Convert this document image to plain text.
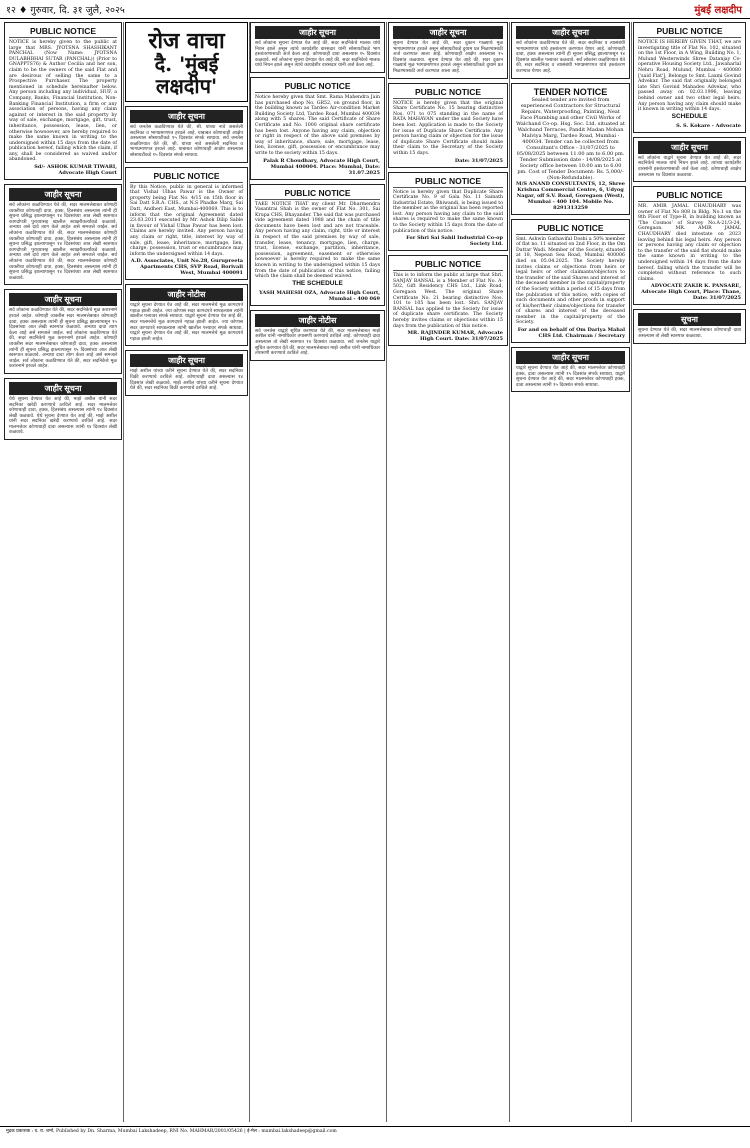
१२ ♦ गुरुवार, दि. ३१ जुलै, २०२५	मुंबई लक्षदीप
PUBLIC NOTICE
NOTICE is hereby given to the public at large that MRS. JYOTSNA SHASHIKANT PANCHAL (Now Name: JYOTSNA DULABHBHAI SUTAR (PANCHAL)) (Prior to GNAPPTS76) & Author Cecilia and her son, claim to be the owners of the said Flat and are desirous of selling the same to a Prospective Purchaser. The property mentioned in schedule hereinafter below. Any person including any individual, HUF, a Company, Banks, Financial Institution, Non-Banking Financial Institution, a firm or any association of persons, having any claim against or interest in the said property by way of sale, exchange, mortgage, gift, trust, inheritance, possession, lease, lien, or otherwise howsoever, are hereby required to make the same known in writing to the undersigned within 15 days from the date of publication hereof, failing which the claim, if any, shall be considered as waived and/or abandoned.
Sd/- ASHOK KUMAR TIWARI, Advocate High Court
जाहीर सूचना
सर्व लोकांना कळविण्यात येते की, सदर मालमत्तेबाबत कोणाही व्यक्तीचा कोणताही दावा, हक्क, हितसंबंध असल्यास त्यांनी ही सूचना प्रसिद्ध झाल्यापासून १४ दिवसांच्या आत लेखी स्वरुपात कागदोपत्री पुराव्यासह खालील स्वाक्षरीकर्त्यांकडे कळवावे. अन्यथा असे दावे त्याग केले आहेत असे समजले जाईल. सर्व लोकांना कळविण्यात येते की, सदर मालमत्तेबाबत कोणाही व्यक्तीचा कोणताही दावा, हक्क, हितसंबंध असल्यास त्यांनी ही सूचना प्रसिद्ध झाल्यापासून १४ दिवसांच्या आत लेखी स्वरुपात कागदोपत्री पुराव्यासह खालील स्वाक्षरीकर्त्यांकडे कळवावे. अन्यथा असे दावे त्याग केले आहेत असे समजले जाईल. सर्व लोकांना कळविण्यात येते की, सदर मालमत्तेबाबत कोणाही व्यक्तीचा कोणताही दावा, हक्क, हितसंबंध असल्यास त्यांनी ही सूचना प्रसिद्ध झाल्यापासून १४ दिवसांच्या आत लेखी स्वरुपात कळवावे.
जाहीर सूचना
सर्व लोकांना कळविण्यात येते की, सदर सदनिकेचे मूळ करारनामे हरवले आहेत. कोणाही व्यक्तीस सदर मालमत्तेबाबत कोणताही दावा, हक्क असल्यास त्यांनी ही सूचना प्रसिद्ध झाल्यापासून १५ दिवसांच्या आत लेखी स्वरुपात कळवावे. अन्यथा दावा त्याग केला आहे असे समजले जाईल. सर्व लोकांना कळविण्यात येते की, सदर सदनिकेचे मूळ करारनामे हरवले आहेत. कोणाही व्यक्तीस सदर मालमत्तेबाबत कोणताही दावा, हक्क असल्यास त्यांनी ही सूचना प्रसिद्ध झाल्यापासून १५ दिवसांच्या आत लेखी स्वरुपात कळवावे. अन्यथा दावा त्याग केला आहे असे समजले जाईल. सर्व लोकांना कळविण्यात येते की, सदर सदनिकेचे मूळ करारनामे हरवले आहेत.
जाहीर सूचना
येथे सूचना देण्यात येत आहे की, माझे अशील यांनी सदर सदनिका खरेदी करण्याचे ठरविले आहे. सदर मालमत्तेवर कोणाचाही दावा, हक्क, हितसंबंध असल्यास त्यांनी १४ दिवसांत लेखी कळवावे. येथे सूचना देण्यात येत आहे की, माझे अशील यांनी सदर सदनिका खरेदी करण्याचे ठरविले आहे. सदर मालमत्तेवर कोणाचाही दावा असल्यास त्यांनी १४ दिवसांत लेखी कळवावे.
रोज वाचा
दै. 'मुंबई
लक्षदीप'
जाहीर सूचना
सर्व जनतेस कळविण्यात येते की, श्री. यांच्या नावे असलेली सदनिका व भागप्रमाणपत्र हरवले आहे. याबाबत कोणाचाही आक्षेप असल्यास सोसायटीकडे १५ दिवसांत संपर्क साधावा. सर्व जनतेस कळविण्यात येते की, श्री. यांच्या नावे असलेली सदनिका व भागप्रमाणपत्र हरवले आहे. याबाबत कोणाचाही आक्षेप असल्यास सोसायटीकडे १५ दिवसांत संपर्क साधावा.
PUBLIC NOTICE
By this Notice, public in general is informed that Vishal Ulhas Pawar is the Owner of property being Flat No. 4/15 on 15th floor in Sai Datt S.R.A. CHS., at N.S Phadke Marg, Sai Datt, Andheri East, Mumbai-400069. This is to inform that the original Agreement dated 23.03.2011 executed by Mr. Ashok Dilip Sable in favour of Vishal Ulhas Pawar has been lost. Claims are hereby invited. Any person having any claim or right, title, interest by way of sale, gift, lease, inheritance, mortgage, lien, charge, possession, trust or encumbrance may inform the undersigned within 14 days.
A.D. Associates, Unit No.28, Gurupreeta Apartments CHS, SVP Road, Borivali West, Mumbai 400091
जाहीर नोटीस
याद्वारे सूचना देण्यात येत आहे की, सदर मालमत्तेचे मूळ कागदपत्रे गहाळ झाली आहेत. ज्या कोणास सदर कागदपत्रे सापडल्यास त्यांनी खालील पत्त्यावर संपर्क साधावा. याद्वारे सूचना देण्यात येत आहे की, सदर मालमत्तेचे मूळ कागदपत्रे गहाळ झाली आहेत. ज्या कोणास सदर कागदपत्रे सापडल्यास त्यांनी खालील पत्त्यावर संपर्क साधावा. याद्वारे सूचना देण्यात येत आहे की, सदर मालमत्तेचे मूळ कागदपत्रे गहाळ झाली आहेत.
जाहीर सूचना
माझे अशील यांच्या वतीने सूचना देण्यात येते की, सदर सदनिका विक्री करण्याचे ठरविले आहे. कोणाचाही दावा असल्यास १४ दिवसांत लेखी कळवावे. माझे अशील यांच्या वतीने सूचना देण्यात येते की, सदर सदनिका विक्री करण्याचे ठरविले आहे.
जाहीर सूचना
सर्व लोकांना सूचना देण्यात येत आहे की, सदर सदनिकेचे मालक यांचे निधन झाले असून त्यांचे कायदेशीर वारसदार यांनी सोसायटीकडे भाग हस्तांतरणासाठी अर्ज केला आहे. कोणाचाही दावा असल्यास १५ दिवसांत कळवावे. सर्व लोकांना सूचना देण्यात येत आहे की, सदर सदनिकेचे मालक यांचे निधन झाले असून त्यांचे कायदेशीर वारसदार यांनी अर्ज केला आहे.
PUBLIC NOTICE
Notice hereby given that Smt. Rama Mahendra Jain has purchased shop No. GR52, on ground floor, in the building known as Tardeo Air-condition Market Building Society Ltd, Tardeo Road, Mumbai 400034 along with 5 shares. The said Certificate of Share Certificate and No. 1000 original share certificate has been lost. Anyone having any claim, objection or right in respect of the above said premises by way of inheritance, share, sale, mortgage, lease, lien, license, gift, possession or encumbrance may write to the society within 15 days.
Palak R Choudhary, Advocate High Court, Mumbai 400004. Place: Mumbai, Date: 31.07.2025
PUBLIC NOTICE
TAKE NOTICE THAT my client Mr. Dharmendra Vasantrai Shah is the owner of Flat No. 301, Sai Krupa CHS, Bhayander. The said flat was purchased vide agreement dated 1988 and the chain of title documents have been lost and are not traceable. Any person having any claim, right, title or interest in respect of the said premises by way of sale, transfer, lease, tenancy, mortgage, lien, charge, trust, license, exchange, partition, inheritance, possession, agreement, easement or otherwise howsoever is hereby required to make the same known in writing to the undersigned within 15 days from the date of publication of this notice, failing which the claim shall be deemed waived.
THE SCHEDULE
YASH MAHESH OZA, Advocate High Court, Mumbai - 400 069
जाहीर नोटीस
सर्व जनतेस याद्वारे सूचित करण्यात येते की, सदर मालमत्तेबाबत माझे अशील यांनी नामाधिकार तपासणी करण्याचे ठरविले आहे. कोणाचाही दावा असल्यास तो लेखी स्वरुपात १४ दिवसांत कळवावा. सर्व जनतेस याद्वारे सूचित करण्यात येते की, सदर मालमत्तेबाबत माझे अशील यांनी नामाधिकार तपासणी करण्याचे ठरविले आहे.
जाहीर सूचना
सूचना देण्यात येत आहे की, सदर दुकान गाळ्याचे मूळ भागप्रमाणपत्र हरवले असून सोसायटीकडे दुय्यम प्रत मिळण्यासाठी अर्ज करण्यात आला आहे. कोणाचाही आक्षेप असल्यास १५ दिवसांत कळवावा. सूचना देण्यात येत आहे की, सदर दुकान गाळ्याचे मूळ भागप्रमाणपत्र हरवले असून सोसायटीकडे दुय्यम प्रत मिळण्यासाठी अर्ज करण्यात आला आहे.
PUBLIC NOTICE
NOTICE is hereby given that the original Share Certificate No. 15 bearing distinctive Nos. 071 to 075 standing in the name of RATA MAHAVAN under the said Society have been lost. Application is made to the Society for issue of Duplicate Share Certificate. Any person having claim or objection for the issue of duplicate Share Certificate should make their claim to the Secretary of the Society within 15 days.
Date: 31/07/2025
PUBLIC NOTICE
Notice is hereby given that Duplicate Share Certificate No. 9 of Gala No. 11 Sainath Industrial Estate, Bhiwandi, is being issued to the member as the original has been reported lost. Any person having any claim to the said shares is required to make the same known to the Society within 15 days from the date of publication of this notice.
For Shri Sai Sahil Industrial Co-op Society Ltd.
PUBLIC NOTICE
This is to inform the public at large that Shri. SANJAY BANSAL is a Member of Flat No. A-502, Gift Residency CHS Ltd., Link Road, Goregaon West. The original Share Certificate No. 21 bearing distinctive Nos. 101 to 105 has been lost. Shri. SANJAY BANSAL has applied to the Society for issue of duplicate share certificate. The Society hereby invites claims or objections within 15 days from the publication of this notice.
MR. RAJINDER KUMAR, Advocate High Court. Date: 31/07/2025
जाहीर सूचना
सर्व लोकांना कळविण्यात येते की, सदर सदनिका व त्यासंबंधी भागप्रमाणपत्र यांचे हस्तांतरण करण्यात येणार आहे. कोणाचाही दावा, हक्क असल्यास त्यांनी ही सूचना प्रसिद्ध झाल्यापासून १४ दिवसांत खालील पत्त्यावर कळवावे. सर्व लोकांना कळविण्यात येते की, सदर सदनिका व त्यासंबंधी भागप्रमाणपत्र यांचे हस्तांतरण करण्यात येणार आहे.
TENDER NOTICE
Sealed tender are invited from experienced Contractors for Structural Repairs, Waterproofing, Painting, Neat Face Plumbing and other Civil Works of Walchand Co-op. Hsg. Soc. Ltd. situated at Walchand Terraces, Pandit Madan Mohan Malviya Marg, Tardeo Road, Mumbai - 400034. Tender can be collected from Consultant's Office - 31/07/2025 to 05/08/2025 between 11.00 am to 6.00 pm. Tender Submission date - 14/08/2025 at Society office between 10.00 am to 6.00 pm. Cost of Tender Document: Rs. 5,000/- (Non-Refundable).
M/S ANAND CONSULTANTS, 12, Shree Krishna Commercial Centre, 6, Udyog Nagar, off S.V. Road, Goregaon (West), Mumbai - 400 104. Mobile No. 8291313259
PUBLIC NOTICE
Smt. Ashwin Gathavifal Doshi a 50% member of flat no. 11 situated on 2nd Floor, in the Om Dattar Wadi. Member of the Society, situated at 18, Nepean Sea Road, Mumbai 400006 died on 05.04.2025. The Society hereby invites claims or objections from heirs or legal heirs or other claimants/objectors to the transfer of the said Shares and interest of the deceased member in the capital/property of the Society within a period of 15 days from the publication of this notice, with copies of such documents and other proofs in support of his/her/their claims/objections for transfer of shares and interest of the deceased member in the capital/property of the Society.
For and on behalf of Om Dariya Mahal CHS Ltd. Chairman / Secretary
जाहीर सूचना
याद्वारे सूचना देण्यात येत आहे की, सदर मालमत्तेवर कोणाचाही हक्क, दावा असल्यास त्यांनी १५ दिवसांत संपर्क साधावा. याद्वारे सूचना देण्यात येत आहे की, सदर मालमत्तेवर कोणाचाही हक्क, दावा असल्यास त्यांनी १५ दिवसांत संपर्क साधावा.
PUBLIC NOTICE
NOTICE IS HEREBY GIVEN THAT, we are investigating title of Flat No. 102, situated on the 1st Floor, in A Wing, Building No. 1, Mulund Westerwinds Shree Datanjay Co-operative Housing Society Ltd., Jawaharlal Nehru Road, Mulund, Mumbai - 400080 ['said Flat'], Belongs to Smt. Laxmi Govind Advekar. The said flat originally belonged late Shri Govind Mahadeo Advekar, who passed away on 02.03.1996, leaving behind owner and two other legal heirs. Any person having any claim should make it known in writing within 14 days.
SCHEDULE
S. S. Kokare - Advocate
जाहीर सूचना
सर्व लोकांना याद्वारे सूचना देण्यात येत आहे की, सदर सदनिकेचे मालक यांचे निधन झाले आहे. त्यांच्या कायदेशीर वारसांनी हस्तांतरणासाठी अर्ज केला आहे. कोणाचाही आक्षेप असल्यास १४ दिवसांत कळवावा.
PUBLIC NOTICE
MR. AMIR JAMAL CHAUDHARY was owner of Flat No 808 in Bldg. No.1 on the 8th Floor of Type-B, in building known as 'The Cosmos' of Survey No.A-21/3-24, Goregaon. MR. AMIR JAMAL CHAUDHARY died intestate on 2023 leaving behind his legal heirs. Any person or persons having any claim or objection to the transfer of the said flat should make the same known in writing to the undersigned within 14 days from the date hereof, failing which the transfer will be completed without reference to such claims.
ADVOCATE ZAKIR K. PANSARE, Advocate High Court, Place: Thane, Date: 31/07/2025
सूचना
सूचना देण्यात येते की, सदर मालमत्तेबाबत कोणाचाही दावा असल्यास तो लेखी स्वरुपात कळवावा.
मुद्रक प्रकाशक : द. रा. शर्मा, Published by Dn. Sharma, Mumbai Lakshadeep, RNI No. MAHMAR/2001/05426 | ई-मेल : mumbai.lakshadeep@gmail.com
